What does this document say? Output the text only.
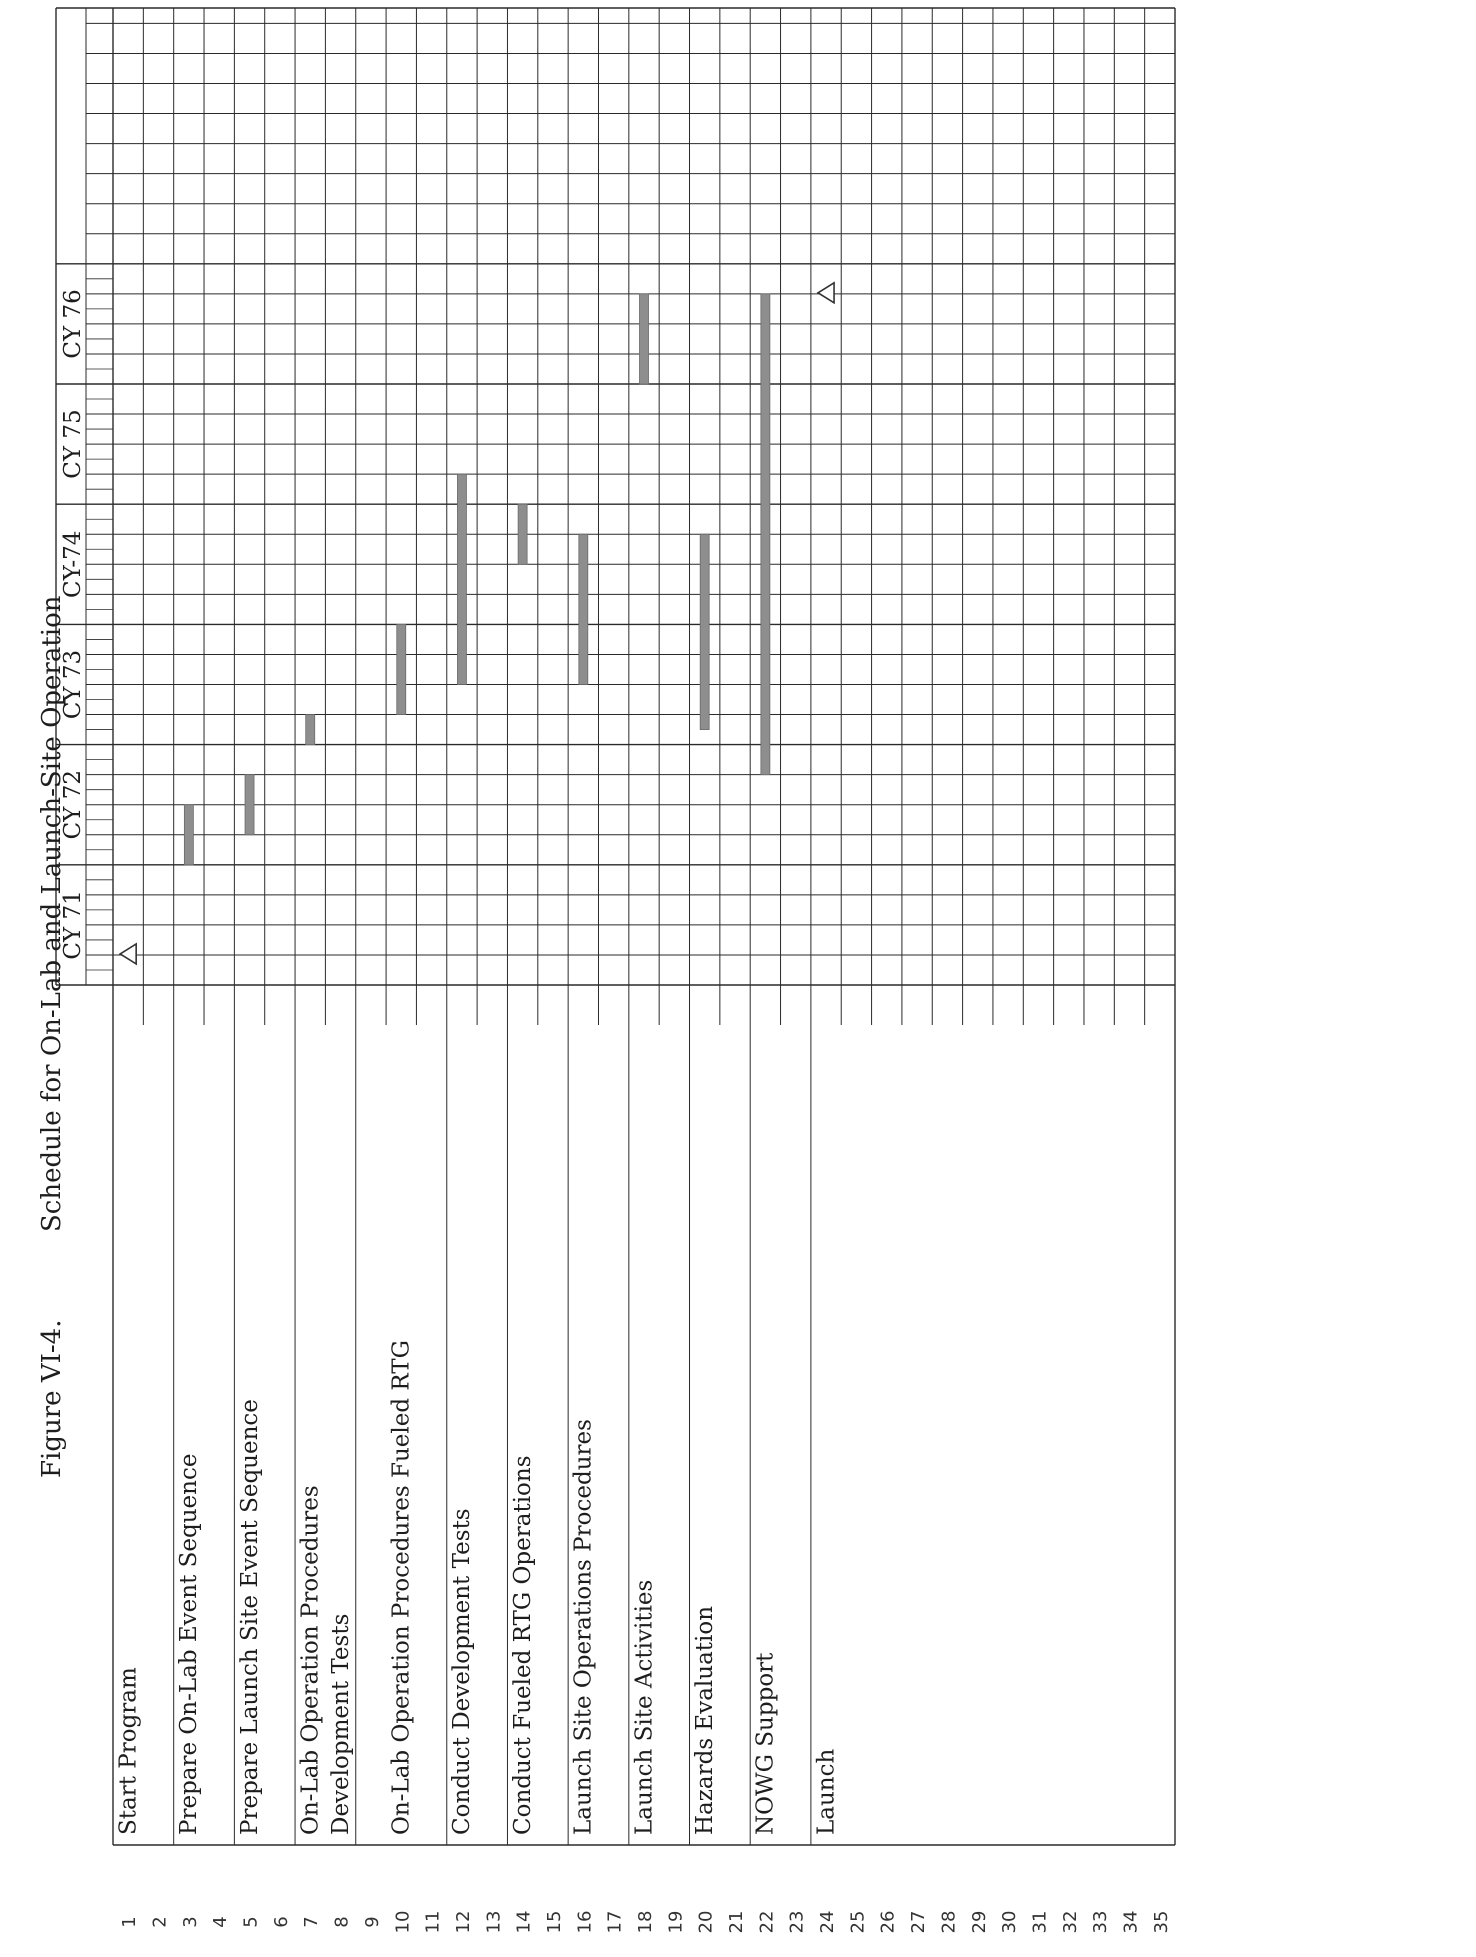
CY 71
CY 72
CY 73
CY-74
CY 75
CY 76
Start Program Prepare On-Lab Event Sequence Prepare Launch Site Event Sequence On-Lab Operation Procedures Development Tests On-Lab Operation Procedures Fueled RTG Conduct Development Tests Conduct Fueled RTG Operations Launch Site Operations Procedures Launch Site Activities Hazards Evaluation NOWG Support Launch
1 2 3 4 5 6 7 8 9 10 11 12 13 14 15 16 17 18 19 20 21 22 23 24 25 26 27 28 29 30 31 32 33 34 35
Figure VI-4.
Schedule for On-Lab and Launch-Site Operation
